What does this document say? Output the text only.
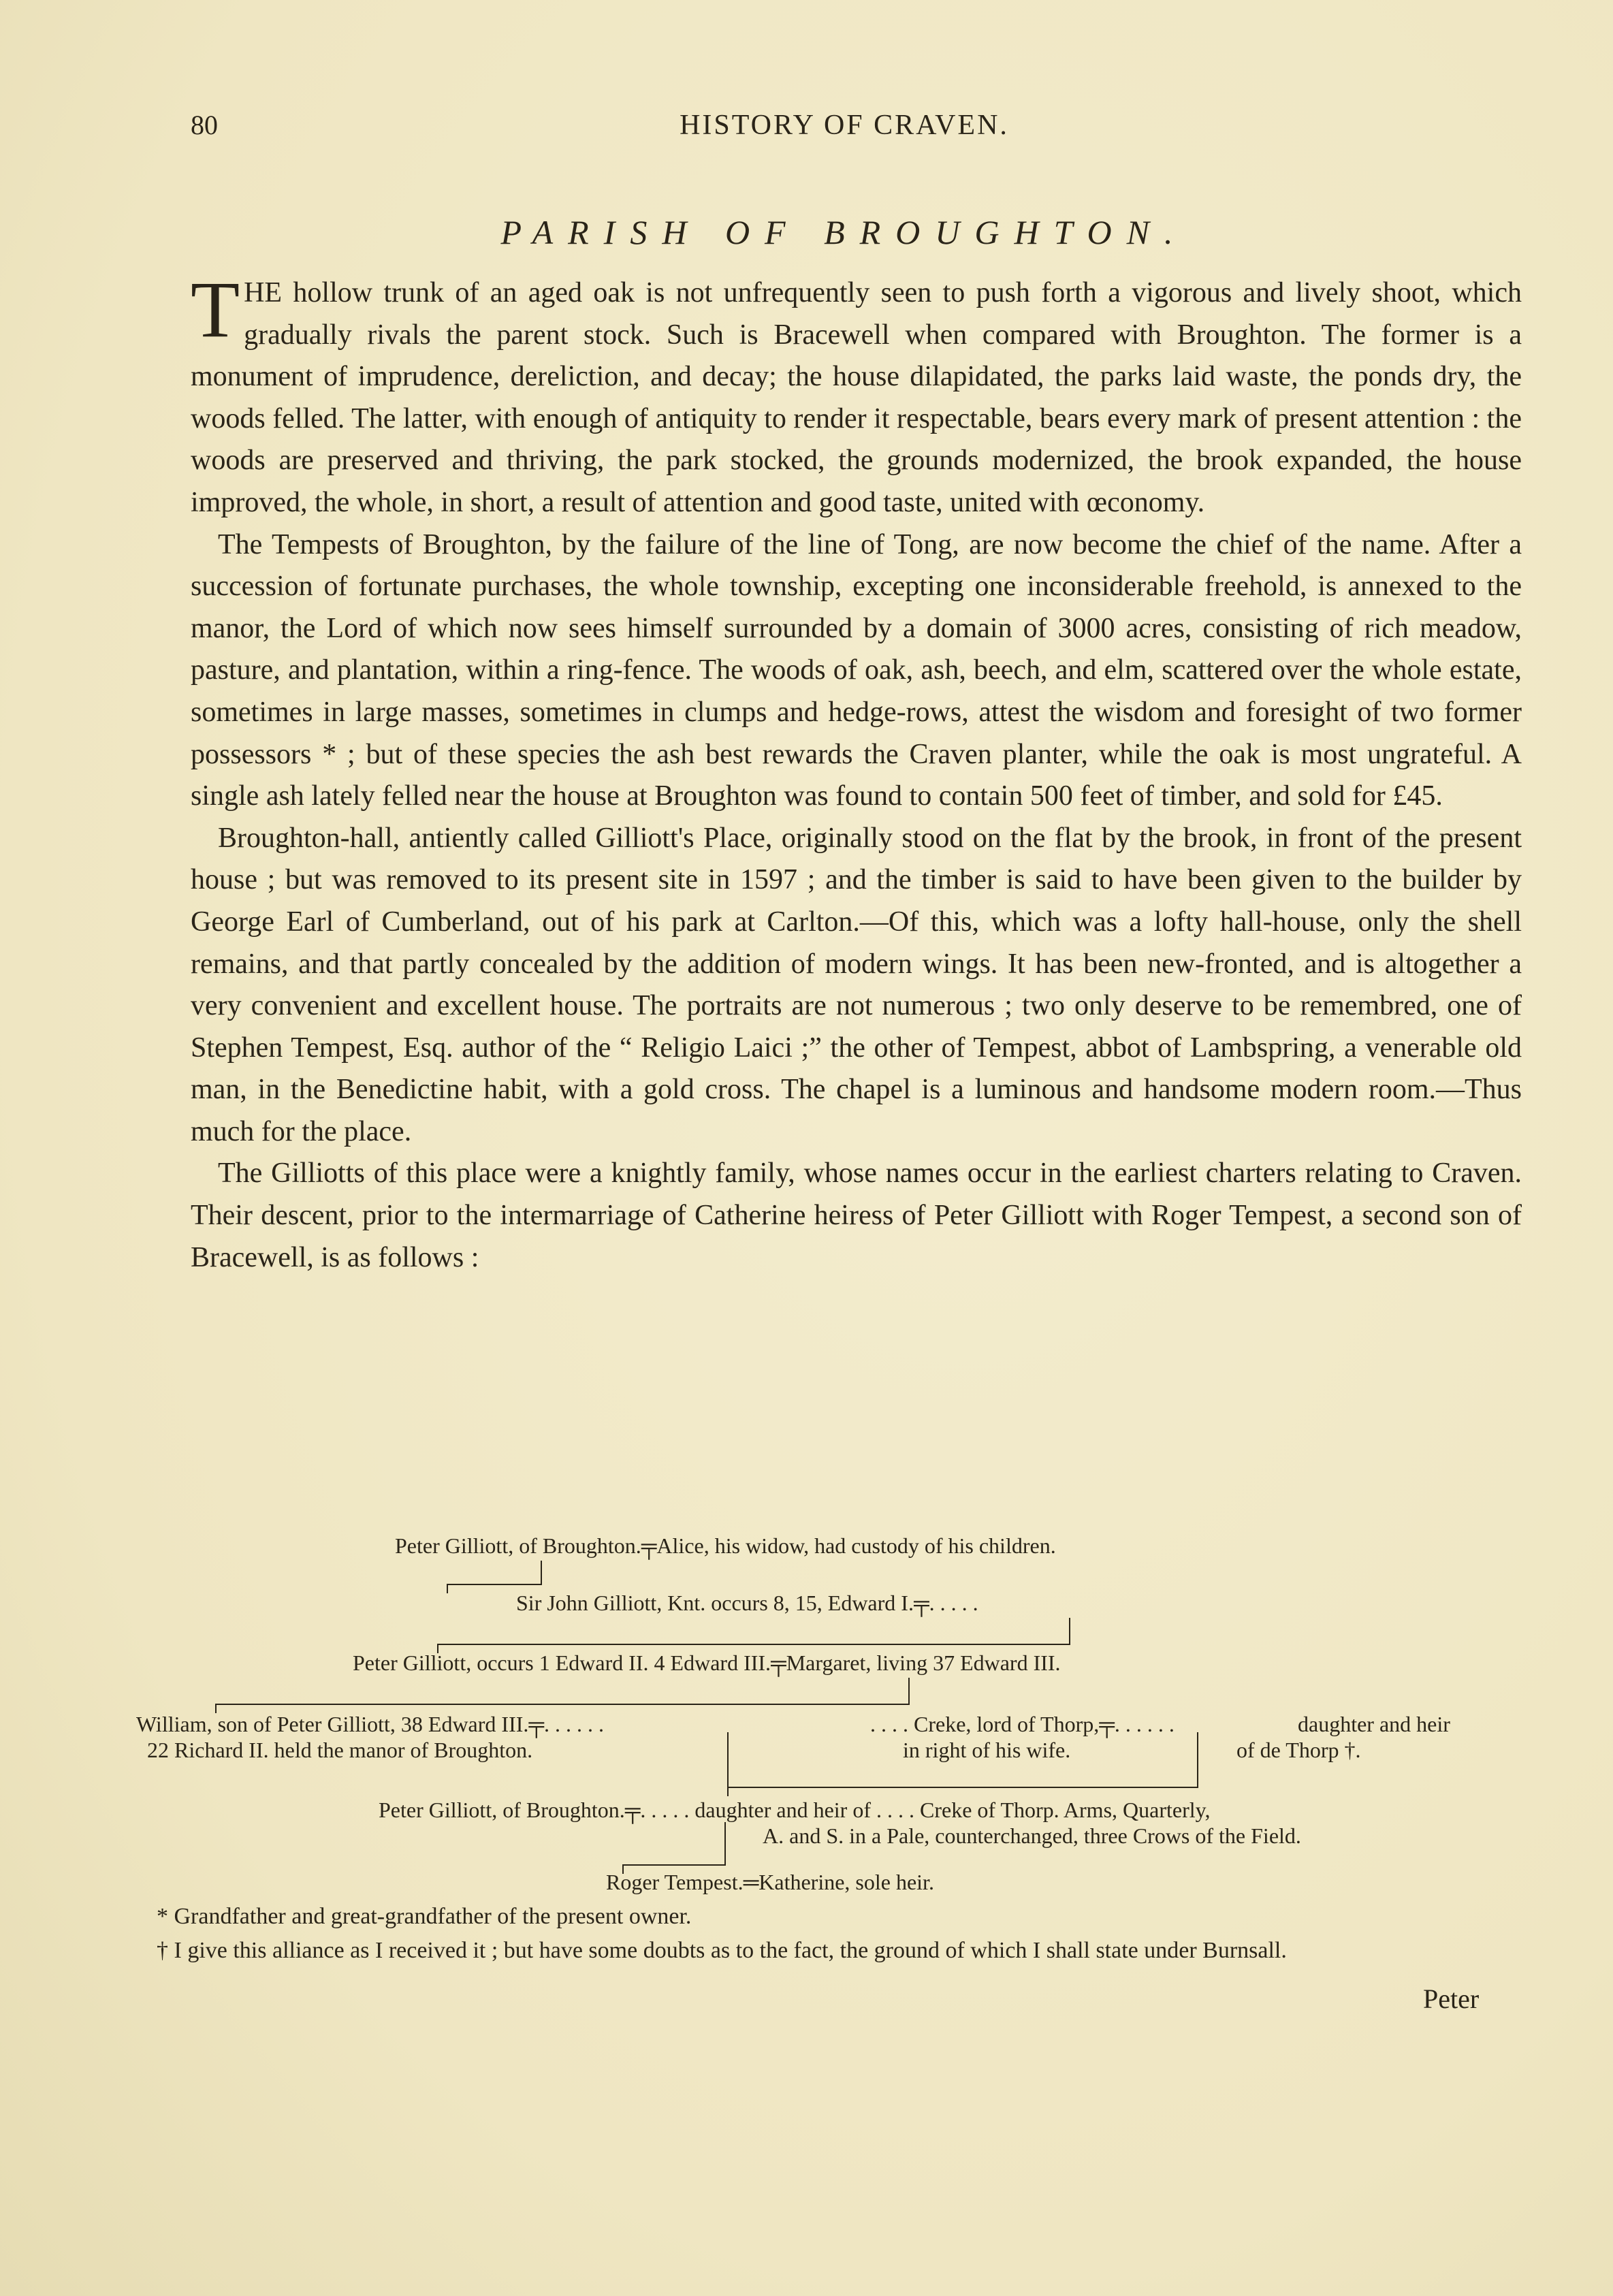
80	HISTORY OF CRAVEN.
PARISH OF BROUGHTON.

THE hollow trunk of an aged oak is not unfrequently seen to push forth a vigorous and lively shoot, which gradually rivals the parent stock. Such is Bracewell when compared with Broughton. The former is a monument of imprudence, dereliction, and decay; the house dilapidated, the parks laid waste, the ponds dry, the woods felled. The latter, with enough of antiquity to render it respectable, bears every mark of present attention : the woods are preserved and thriving, the park stocked, the grounds modernized, the brook expanded, the house improved, the whole, in short, a result of attention and good taste, united with œconomy.

The Tempests of Broughton, by the failure of the line of Tong, are now become the chief of the name. After a succession of fortunate purchases, the whole township, excepting one inconsiderable freehold, is annexed to the manor, the Lord of which now sees himself surrounded by a domain of 3000 acres, consisting of rich meadow, pasture, and plantation, within a ring-fence. The woods of oak, ash, beech, and elm, scattered over the whole estate, sometimes in large masses, sometimes in clumps and hedge-rows, attest the wisdom and foresight of two former possessors * ; but of these species the ash best rewards the Craven planter, while the oak is most ungrateful. A single ash lately felled near the house at Broughton was found to contain 500 feet of timber, and sold for £45.

Broughton-hall, antiently called Gilliott's Place, originally stood on the flat by the brook, in front of the present house ; but was removed to its present site in 1597 ; and the timber is said to have been given to the builder by George Earl of Cumberland, out of his park at Carlton.—Of this, which was a lofty hall-house, only the shell remains, and that partly concealed by the addition of modern wings. It has been new-fronted, and is altogether a very convenient and excellent house. The portraits are not numerous ; two only deserve to be remembred, one of Stephen Tempest, Esq. author of the “ Religio Laici ;” the other of Tempest, abbot of Lambspring, a venerable old man, in the Benedictine habit, with a gold cross. The chapel is a luminous and handsome modern room.—Thus much for the place.

The Gilliotts of this place were a knightly family, whose names occur in the earliest charters relating to Craven. Their descent, prior to the intermarriage of Catherine heiress of Peter Gilliott with Roger Tempest, a second son of Bracewell, is as follows :

Peter Gilliott, of Broughton.╤Alice, his widow, had custody of his children.
Sir John Gilliott, Knt. occurs 8, 15, Edward I.╤. . . . .
Peter Gilliott, occurs 1 Edward II. 4 Edward III.╤Margaret, living 37 Edward III.
William, son of Peter Gilliott, 38 Edward III.╤. . . . . .
22 Richard II. held the manor of Broughton.
. . . . Creke, lord of Thorp,╤. . . . . .
in right of his wife.
daughter and heir
of de Thorp †.
Peter Gilliott, of Broughton.╤. . . . . daughter and heir of . . . . Creke of Thorp. Arms, Quarterly,
A. and S. in a Pale, counterchanged, three Crows of the Field.
Roger Tempest.═Katherine, sole heir.

* Grandfather and great-grandfather of the present owner.

† I give this alliance as I received it ; but have some doubts as to the fact, the ground of which I shall state under Burnsall.

Peter
